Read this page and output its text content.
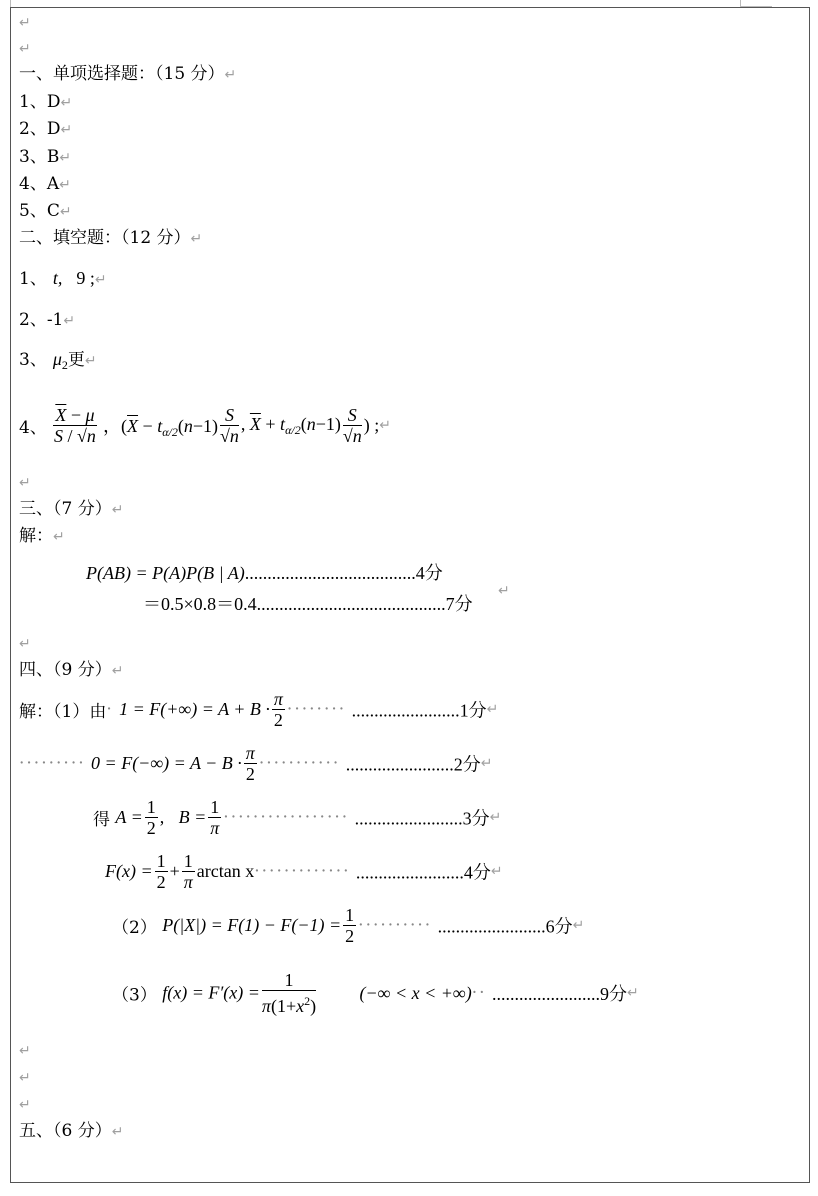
↵
↵
一、单项选择题：（15 分）↵
1、D↵
2、D↵
3、B↵
4、A↵
5、C↵
二、填空题：（12 分）↵
1、 t, 9 ;↵
2、-1↵
3、 $\mu_2$更↵
4、 $\frac{\overline{X} - \mu}{S / √n}$ ，($\overline{X} - t_{\alpha/2}(n-1) \frac{S}{√n}$ , $\overline{X} + t_{\alpha/2}(n-1) \frac{S}{√n}$ ) ;↵
↵
三、（7 分）↵
解：↵
P(AB) = P(A)P(B | A)......................................4分
＝0.5×0.8＝0.4..........................................7分
↵
↵
四、（9 分）↵
解：（1）由· $1 = F(+\infty) = A + B \cdot \frac{\pi}{2}$ ········ ........................1分↵
········· $0 = F(-\infty) = A - B \cdot \frac{\pi}{2}$ ··········· ........................2分↵
得 $A = \frac{1}{2}$ ,   $B = \frac{1}{\pi}$ ················· ........................3分↵
$F(x) = \frac{1}{2} + \frac{1}{\pi}$ arctan x············· ........................4分↵
（2） $P(|X|) = F(1) - F(-1) = \frac{1}{2}$ ·········· ........................6分↵
（3） $f(x) = F'(x) = \frac{1}{\pi(1+x^2)}$ (−∞ < x < +∞)·· ........................9分↵
↵
↵
↵
五、（6 分）↵
